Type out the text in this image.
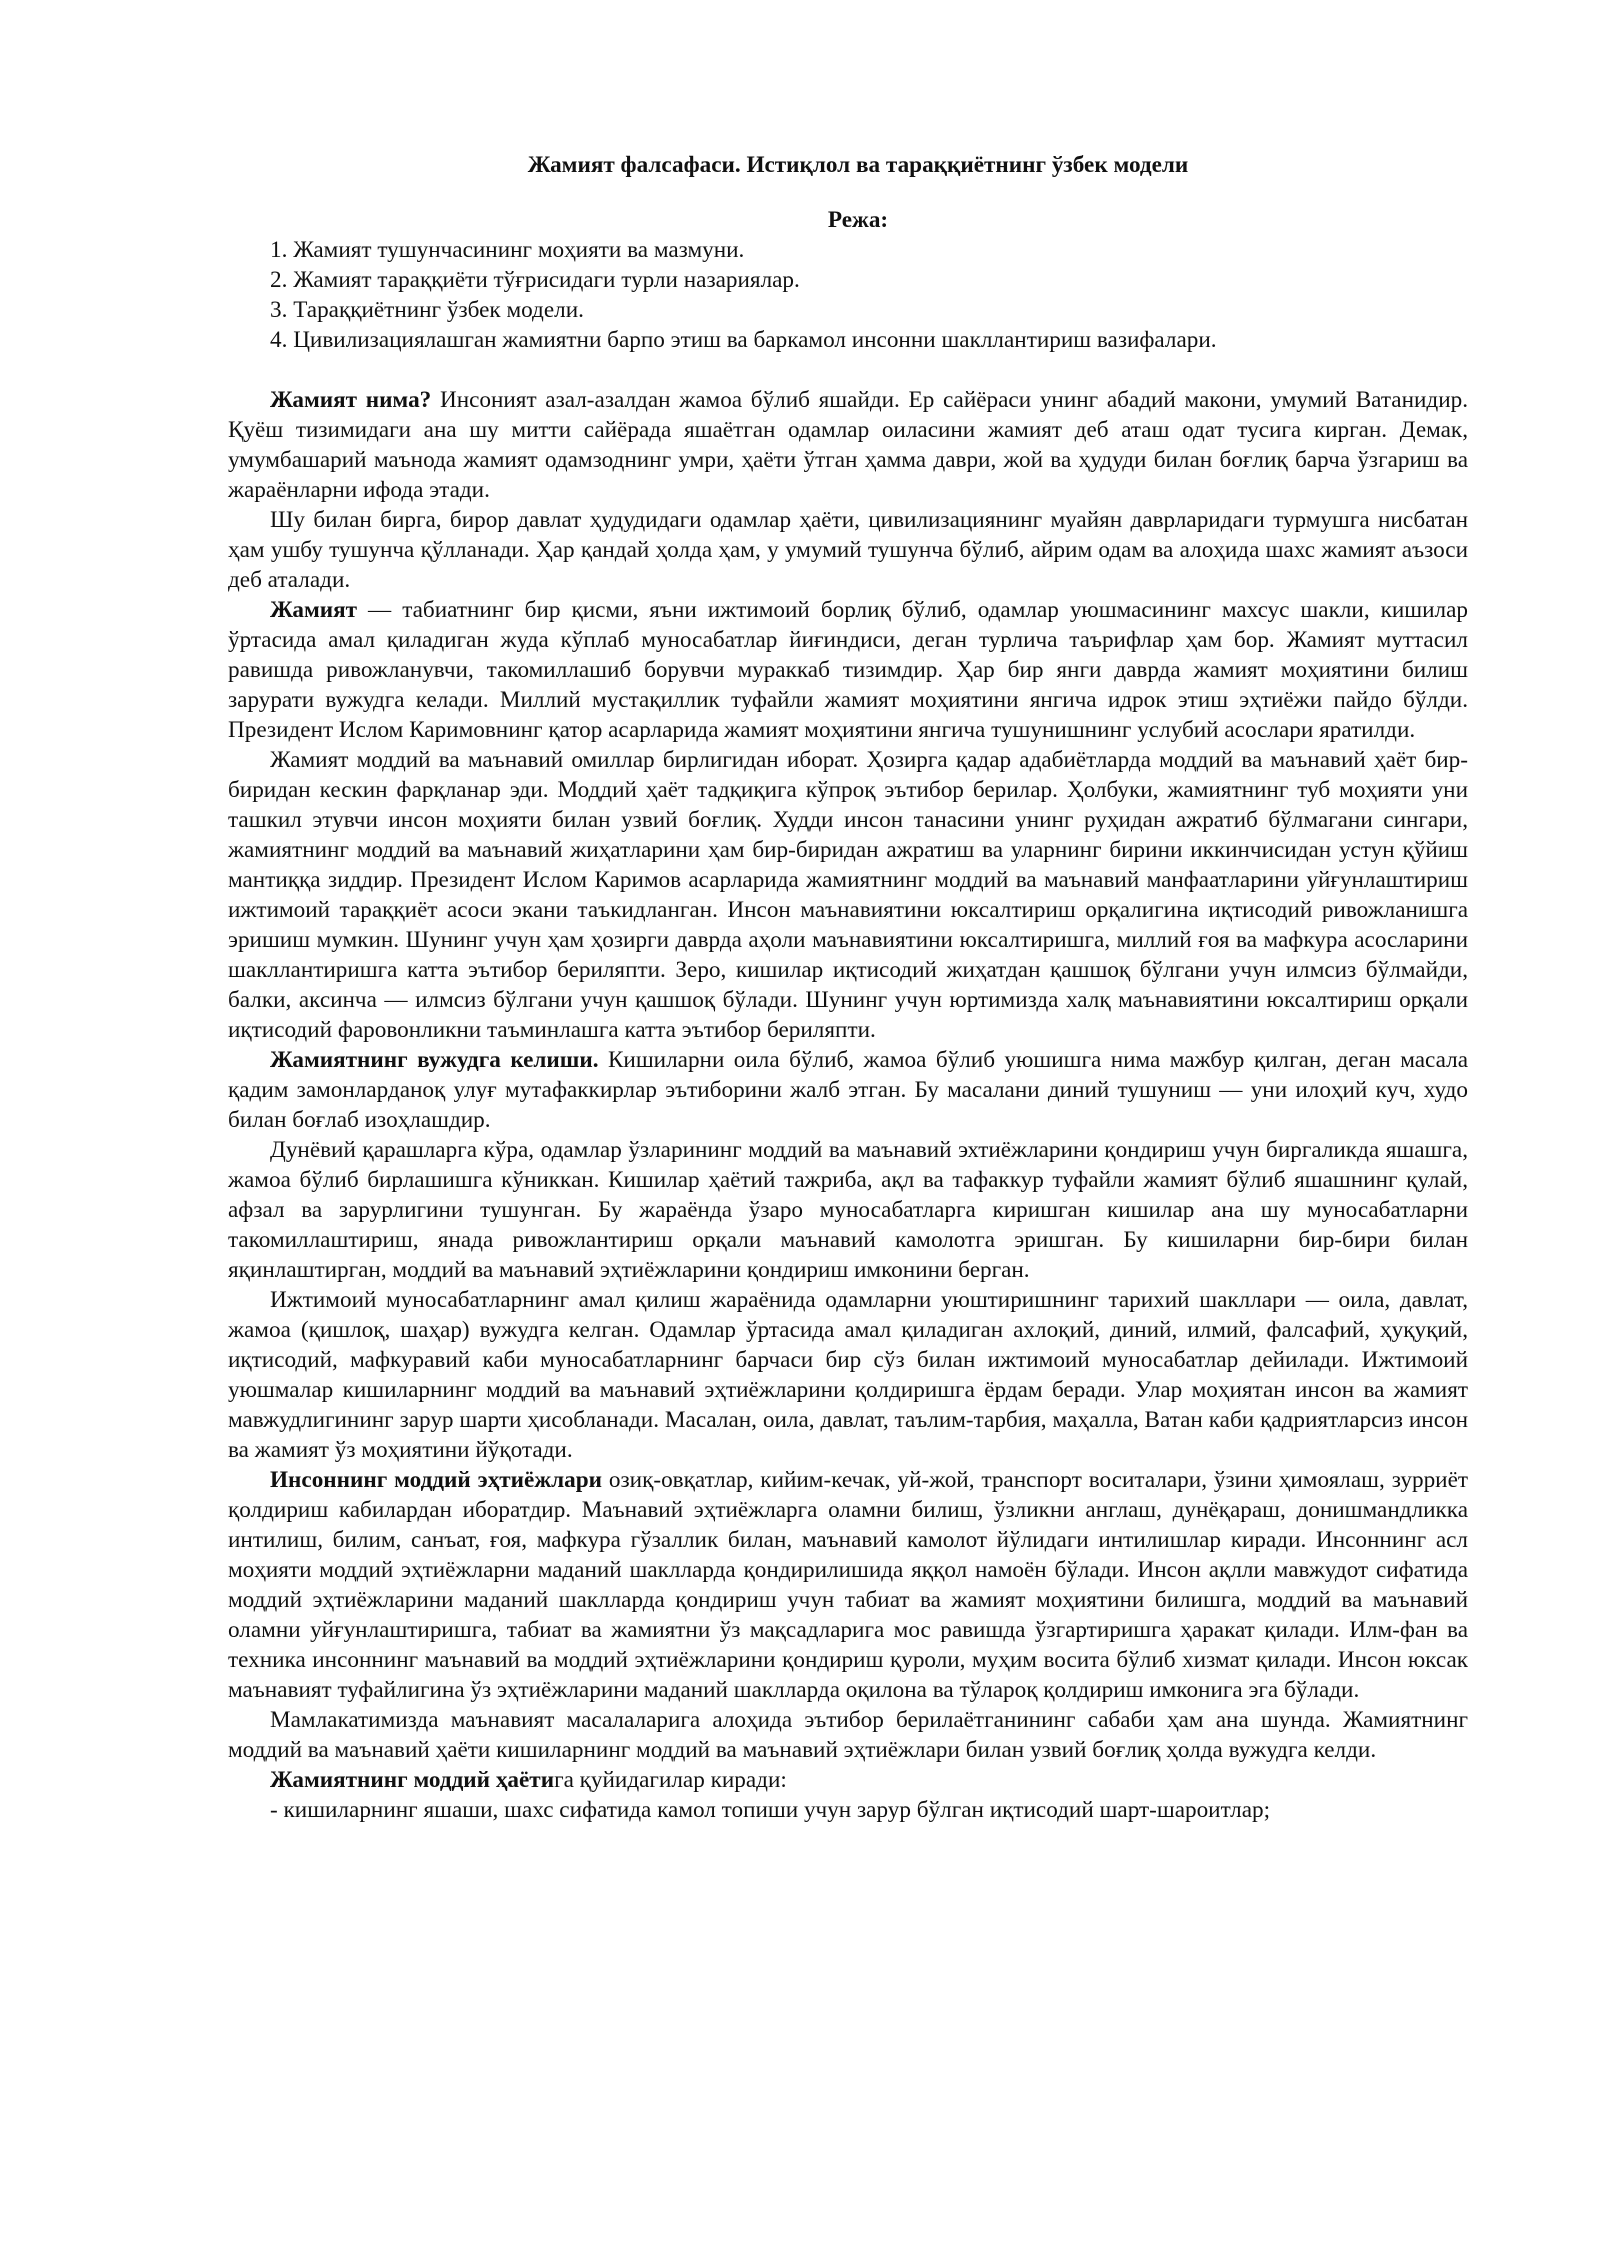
Жамият фалсафаси. Истиқлол ва тараққиётнинг ўзбек модели
Режа:
1. Жамият тушунчасининг моҳияти ва мазмуни.
2. Жамият тараққиёти тўғрисидаги турли назариялар.
3. Тараққиётнинг ўзбек модели.
4. Цивилизациялашган жамиятни барпо этиш ва баркамол инсонни шакллантириш вазифалари.

Жамият нима? Инсоният азал-азалдан жамоа бўлиб яшайди. Ер сайёраси унинг абадий макони, умумий Ватанидир. Қуёш тизимидаги ана шу митти сайёрада яшаётган одамлар оиласини жамият деб аташ одат тусига кирган. Демак, умумбашарий маънода жамият одамзоднинг умри, ҳаёти ўтган ҳамма даври, жой ва ҳудуди билан боғлиқ барча ўзгариш ва жараёнларни ифода этади.

Шу билан бирга, бирор давлат ҳудудидаги одамлар ҳаёти, цивилизациянинг муайян даврларидаги турмушга нисбатан ҳам ушбу тушунча қўлланади. Ҳар қандай ҳолда ҳам, у умумий тушунча бўлиб, айрим одам ва алоҳида шахс жамият аъзоси деб аталади.

Жамият — табиатнинг бир қисми, яъни ижтимоий борлиқ бўлиб, одамлар уюшмасининг махсус шакли, кишилар ўртасида амал қиладиган жуда кўплаб муносабатлар йиғиндиси, деган турлича таърифлар ҳам бор. Жамият муттасил равишда ривожланувчи, такомиллашиб борувчи мураккаб тизимдир. Ҳар бир янги даврда жамият моҳиятини билиш зарурати вужудга келади. Миллий мустақиллик туфайли жамият моҳиятини янгича идрок этиш эҳтиёжи пайдо бўлди. Президент Ислом Каримовнинг қатор асарларида жамият моҳиятини янгича тушунишнинг услубий асослари яратилди.

Жамият моддий ва маънавий омиллар бирлигидан иборат. Ҳозирга қадар адабиётларда моддий ва маънавий ҳаёт бир-биридан кескин фарқланар эди. Моддий ҳаёт тадқиқига кўпроқ эътибор берилар. Ҳолбуки, жамиятнинг туб моҳияти уни ташкил этувчи инсон моҳияти билан узвий боғлиқ. Худди инсон танасини унинг руҳидан ажратиб бўлмагани сингари, жамиятнинг моддий ва маънавий жиҳатларини ҳам бир-биридан ажратиш ва уларнинг бирини иккинчисидан устун қўйиш мантиққа зиддир. Президент Ислом Каримов асарларида жамиятнинг моддий ва маънавий манфаатларини уйғунлаштириш ижтимоий тараққиёт асоси экани таъкидланган. Инсон маънавиятини юксалтириш орқалигина иқтисодий ривожланишга эришиш мумкин. Шунинг учун ҳам ҳозирги даврда аҳоли маънавиятини юксалтиришга, миллий ғоя ва мафкура асосларини шакллантиришга катта эътибор бериляпти. Зеро, кишилар иқтисодий жиҳатдан қашшоқ бўлгани учун илмсиз бўлмайди, балки, аксинча — илмсиз бўлгани учун қашшоқ бўлади. Шунинг учун юртимизда халқ маънавиятини юксалтириш орқали иқтисодий фаровонликни таъминлашга катта эътибор бериляпти.

Жамиятнинг вужудга келиши. Кишиларни оила бўлиб, жамоа бўлиб уюшишга нима мажбур қилган, деган масала қадим замонларданоқ улуғ мутафаккирлар эътиборини жалб этган. Бу масалани диний тушуниш — уни илоҳий куч, худо билан боғлаб изоҳлашдир.

Дунёвий қарашларга кўра, одамлар ўзларининг моддий ва маънавий эхтиёжларини қондириш учун биргаликда яшашга, жамоа бўлиб бирлашишга кўниккан. Кишилар ҳаётий тажриба, ақл ва тафаккур туфайли жамият бўлиб яшашнинг қулай, афзал ва зарурлигини тушунган. Бу жараёнда ўзаро муносабатларга киришган кишилар ана шу муносабатларни такомиллаштириш, янада ривожлантириш орқали маънавий камолотга эришган. Бу кишиларни бир-бири билан яқинлаштирган, моддий ва маънавий эҳтиёжларини қондириш имконини берган.

Ижтимоий муносабатларнинг амал қилиш жараёнида одамларни уюштиришнинг тарихий шакллари — оила, давлат, жамоа (қишлоқ, шаҳар) вужудга келган. Одамлар ўртасида амал қиладиган ахлоқий, диний, илмий, фалсафий, ҳуқуқий, иқтисодий, мафкуравий каби муносабатларнинг барчаси бир сўз билан ижтимоий муносабатлар дейилади. Ижтимоий уюшмалар кишиларнинг моддий ва маънавий эҳтиёжларини қолдиришга ёрдам беради. Улар моҳиятан инсон ва жамият мавжудлигининг зарур шарти ҳисобланади. Масалан, оила, давлат, таълим-тарбия, маҳалла, Ватан каби қадриятларсиз инсон ва жамият ўз моҳиятини йўқотади.

Инсоннинг моддий эҳтиёжлари озиқ-овқатлар, кийим-кечак, уй-жой, транспорт воситалари, ўзини ҳимоялаш, зурриёт қолдириш кабилардан иборатдир. Маънавий эҳтиёжларга оламни билиш, ўзликни англаш, дунёқараш, донишмандликка интилиш, билим, санъат, ғоя, мафкура гўзаллик билан, маънавий камолот йўлидаги интилишлар киради. Инсоннинг асл моҳияти моддий эҳтиёжларни маданий шаклларда қондирилишида яққол намоён бўлади. Инсон ақлли мавжудот сифатида моддий эҳтиёжларини маданий шаклларда қондириш учун табиат ва жамият моҳиятини билишга, моддий ва маънавий оламни уйғунлаштиришга, табиат ва жамиятни ўз мақсадларига мос равишда ўзгартиришга ҳаракат қилади. Илм-фан ва техника инсоннинг маънавий ва моддий эҳтиёжларини қондириш қуроли, муҳим восита бўлиб хизмат қилади. Инсон юксак маънавият туфайлигина ўз эҳтиёжларини маданий шаклларда оқилона ва тўлароқ қолдириш имконига эга бўлади.

Мамлакатимизда маънавият масалаларига алоҳида эътибор берилаётганининг сабаби ҳам ана шунда. Жамиятнинг моддий ва маънавий ҳаёти кишиларнинг моддий ва маънавий эҳтиёжлари билан узвий боғлиқ ҳолда вужудга келди.

Жамиятнинг моддий ҳаётига қуйидагилар киради:

- кишиларнинг яшаши, шахс сифатида камол топиши учун зарур бўлган иқтисодий шарт-шароитлар;
